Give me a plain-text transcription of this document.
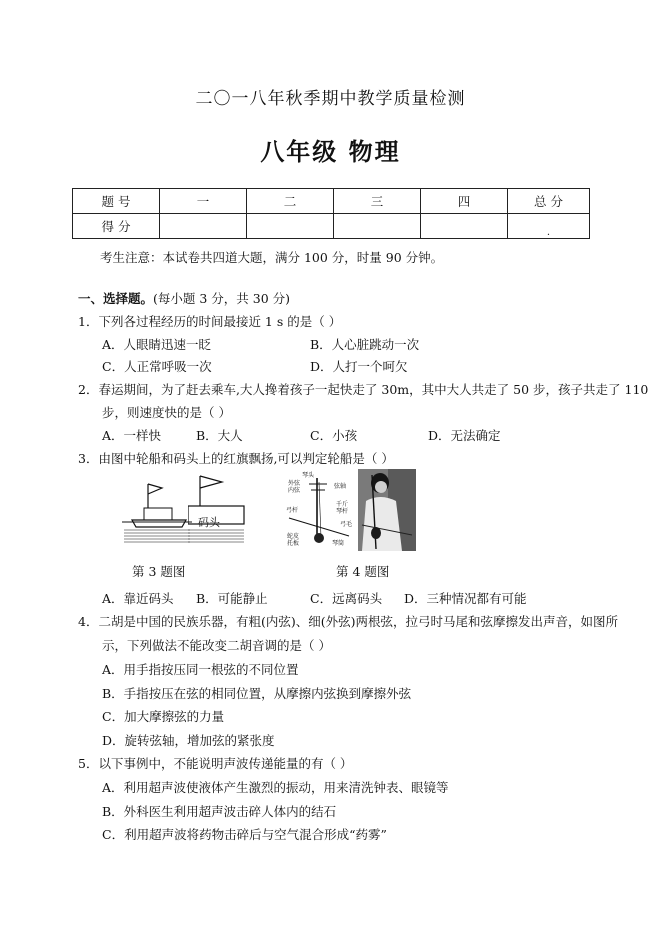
二〇一八年秋季期中教学质量检测
八年级 物理
题 号	一	二	三	四	总 分
得 分					.
考生注意：本试卷共四道大题，满分 100 分，时量 90 分钟。
一、选择题。(每小题 3 分，共 30 分)
1．下列各过程经历的时间最接近 1 s 的是（ ）
A．人眼睛迅速一眨	B．人心脏跳动一次
C．人正常呼吸一次	D．人打一个呵欠
2．春运期间，为了赶去乘车,大人搀着孩子一起快走了 30m，其中大人共走了 50 步，孩子共走了 110
步，则速度快的是（ ）
A．一样快	B．大人	C．小孩	D．无法确定
3．由图中轮船和码头上的红旗飘扬,可以判定轮船是（ ）
码头
琴头
外弦
内弦
弦轴
弓杆
千斤
琴杆
弓毛
琴筒
蛇皮
托板
第 3 题图	第 4 题图
A．靠近码头 B．可能静止	C．远离码头 D．三种情况都有可能
4．二胡是中国的民族乐器，有粗(内弦)、细(外弦)两根弦，拉弓时马尾和弦摩擦发出声音，如图所
示，下列做法不能改变二胡音调的是（ ）
A．用手指按压同一根弦的不同位置
B．手指按压在弦的相同位置，从摩擦内弦换到摩擦外弦
C．加大摩擦弦的力量
D．旋转弦轴，增加弦的紧张度
5．以下事例中，不能说明声波传递能量的有（ ）
A．利用超声波使液体产生激烈的振动，用来清洗钟表、眼镜等
B．外科医生利用超声波击碎人体内的结石
C．利用超声波将药物击碎后与空气混合形成“药雾”
